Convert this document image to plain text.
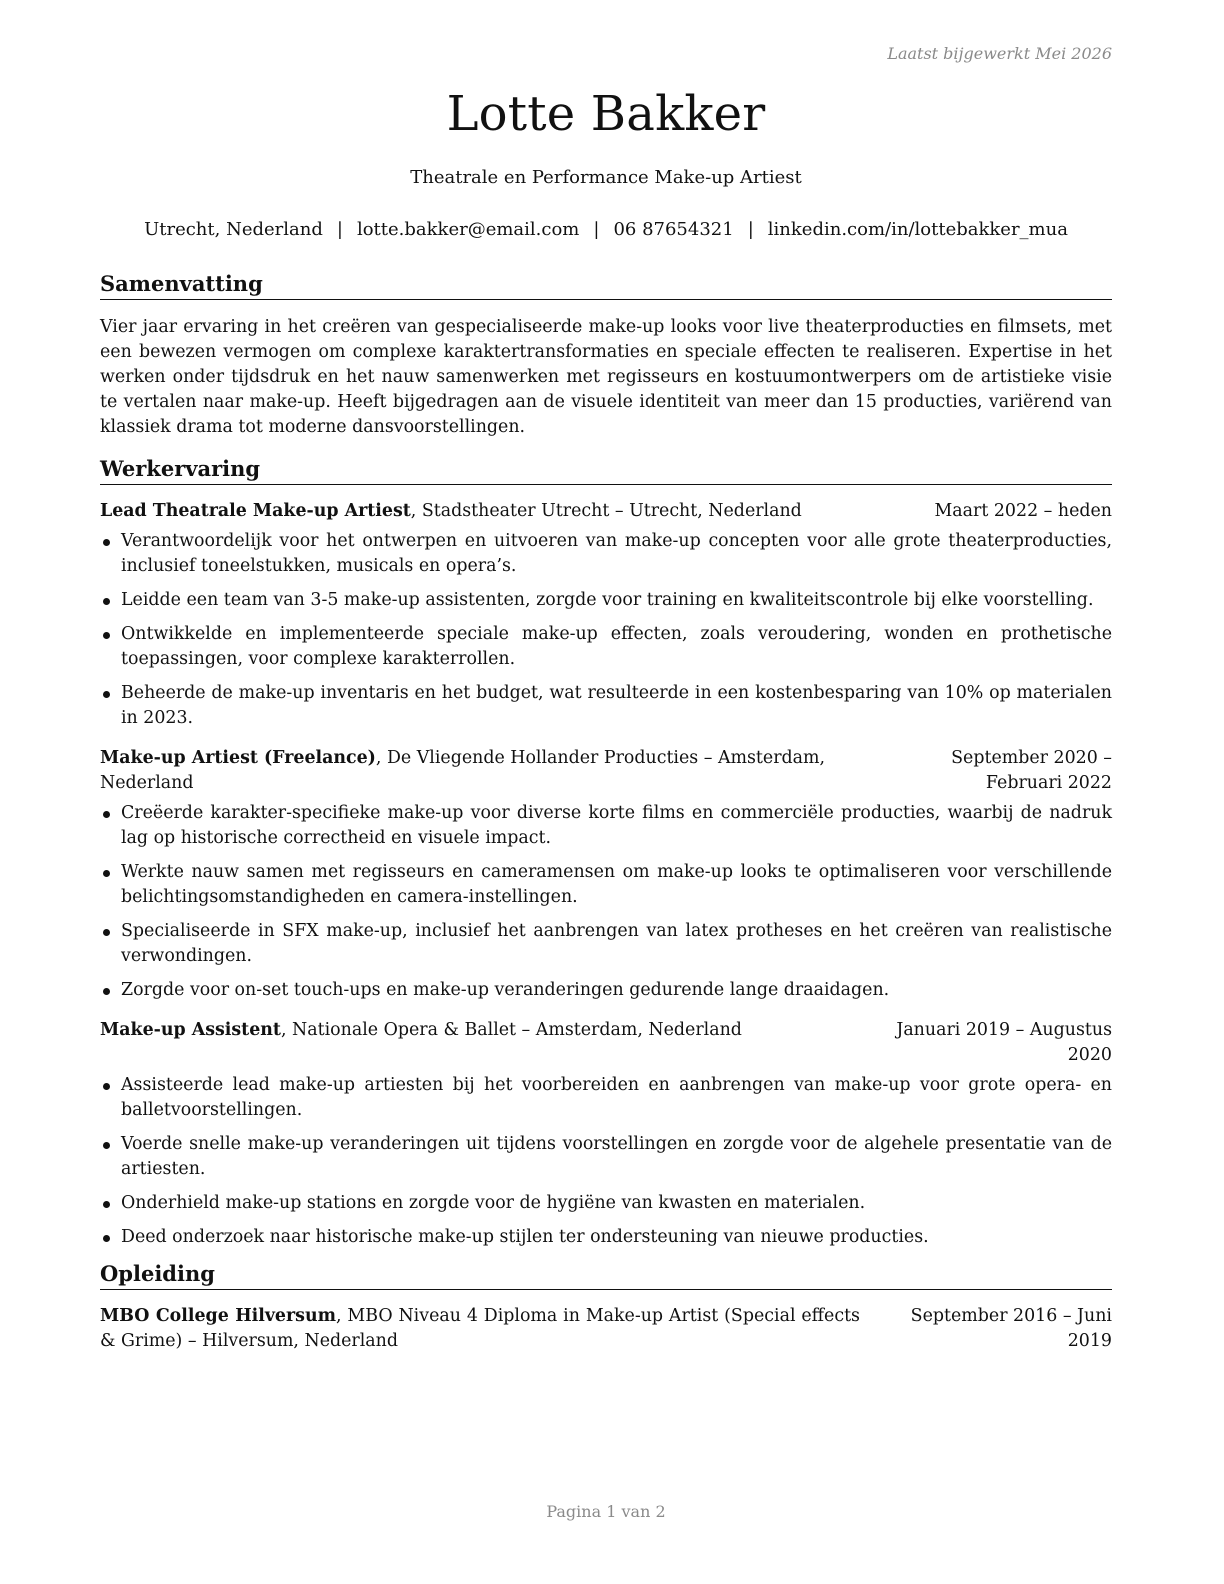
Laatst bijgewerkt Mei 2026
Lotte Bakker
Theatrale en Performance Make-up Artiest
Utrecht, Nederland | lotte.bakker@email.com | 06 87654321 | linkedin.com/in/lottebakker_mua
Samenvatting
Vier jaar ervaring in het creëren van gespecialiseerde make-up looks voor live theaterproducties en filmsets, met een bewezen vermogen om complexe karaktertransformaties en speciale effecten te realiseren. Expertise in het werken onder tijdsdruk en het nauw samenwerken met regisseurs en kostuumontwerpers om de artistieke visie te vertalen naar make-up. Heeft bijgedragen aan de visuele identiteit van meer dan 15 producties, variërend van klassiek drama tot moderne dansvoorstellingen.
Werkervaring
Lead Theatrale Make-up Artiest, Stadstheater Utrecht – Utrecht, Nederland	Maart 2022 – heden
Verantwoordelijk voor het ontwerpen en uitvoeren van make-up concepten voor alle grote theaterproducties, inclusief toneelstukken, musicals en opera’s.
Leidde een team van 3-5 make-up assistenten, zorgde voor training en kwaliteitscontrole bij elke voorstelling.
Ontwikkelde en implementeerde speciale make-up effecten, zoals veroudering, wonden en prothetische toepassingen, voor complexe karakterrollen.
Beheerde de make-up inventaris en het budget, wat resulteerde in een kostenbesparing van 10% op materialen in 2023.
Make-up Artiest (Freelance), De Vliegende Hollander Producties – Amsterdam, Nederland
September 2020 – Februari 2022
Creëerde karakter-specifieke make-up voor diverse korte films en commerciële producties, waarbij de nadruk lag op historische correctheid en visuele impact.
Werkte nauw samen met regisseurs en cameramensen om make-up looks te optimaliseren voor verschillende belichtingsomstandigheden en camera-instellingen.
Specialiseerde in SFX make-up, inclusief het aanbrengen van latex protheses en het creëren van realistische verwondingen.
Zorgde voor on-set touch-ups en make-up veranderingen gedurende lange draaidagen.
Make-up Assistent, Nationale Opera & Ballet – Amsterdam, Nederland	Januari 2019 – Augustus 2020
Assisteerde lead make-up artiesten bij het voorbereiden en aanbrengen van make-up voor grote opera- en balletvoorstellingen.
Voerde snelle make-up veranderingen uit tijdens voorstellingen en zorgde voor de algehele presentatie van de artiesten.
Onderhield make-up stations en zorgde voor de hygiëne van kwasten en materialen.
Deed onderzoek naar historische make-up stijlen ter ondersteuning van nieuwe producties.
Opleiding
MBO College Hilversum, MBO Niveau 4 Diploma in Make-up Artist (Special effects & Grime) – Hilversum, Nederland
September 2016 – Juni 2019
Pagina 1 van 2
